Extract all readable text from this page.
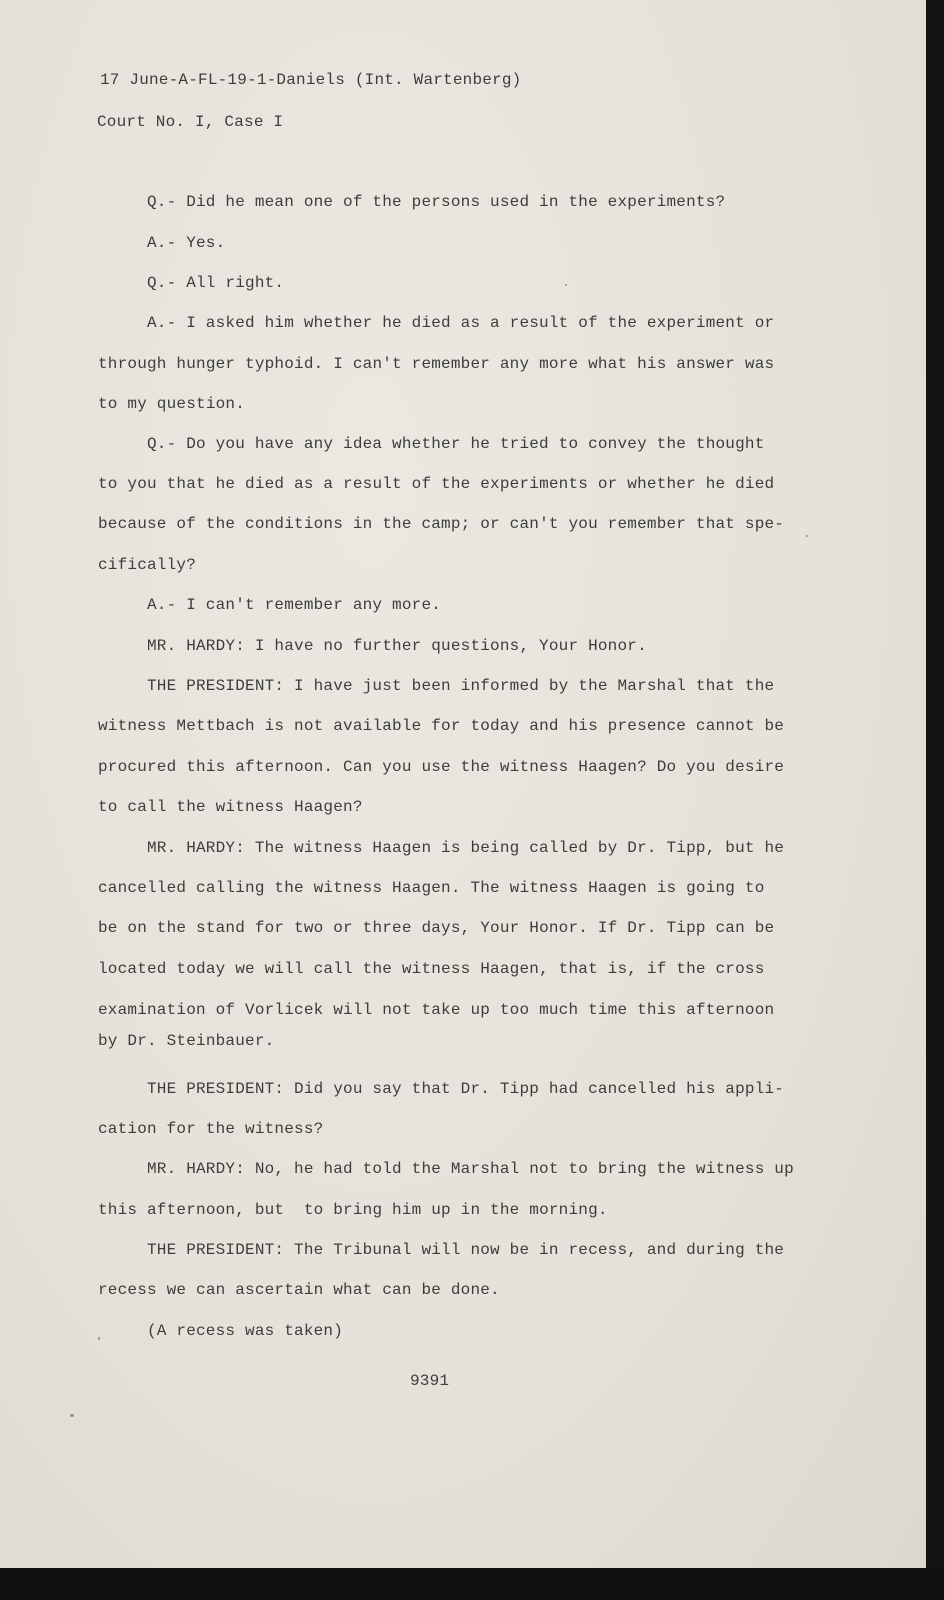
17 June-A-FL-19-1-Daniels (Int. Wartenberg)

Court No. I, Case I

Q.- Did he mean one of the persons used in the experiments?

A.- Yes.

Q.- All right.

A.- I asked him whether he died as a result of the experiment or

through hunger typhoid. I can't remember any more what his answer was

to my question.

Q.- Do you have any idea whether he tried to convey the thought

to you that he died as a result of the experiments or whether he died

because of the conditions in the camp; or can't you remember that spe-

cifically?

A.- I can't remember any more.

MR. HARDY: I have no further questions, Your Honor.

THE PRESIDENT: I have just been informed by the Marshal that the

witness Mettbach is not available for today and his presence cannot be

procured this afternoon. Can you use the witness Haagen? Do you desire

to call the witness Haagen?

MR. HARDY: The witness Haagen is being called by Dr. Tipp, but he

cancelled calling the witness Haagen. The witness Haagen is going to

be on the stand for two or three days, Your Honor. If Dr. Tipp can be

located today we will call the witness Haagen, that is, if the cross

examination of Vorlicek will not take up too much time this afternoon

by Dr. Steinbauer.

THE PRESIDENT: Did you say that Dr. Tipp had cancelled his appli-

cation for the witness?

MR. HARDY: No, he had told the Marshal not to bring the witness up

this afternoon, but  to bring him up in the morning.

THE PRESIDENT: The Tribunal will now be in recess, and during the

recess we can ascertain what can be done.

(A recess was taken)

9391
